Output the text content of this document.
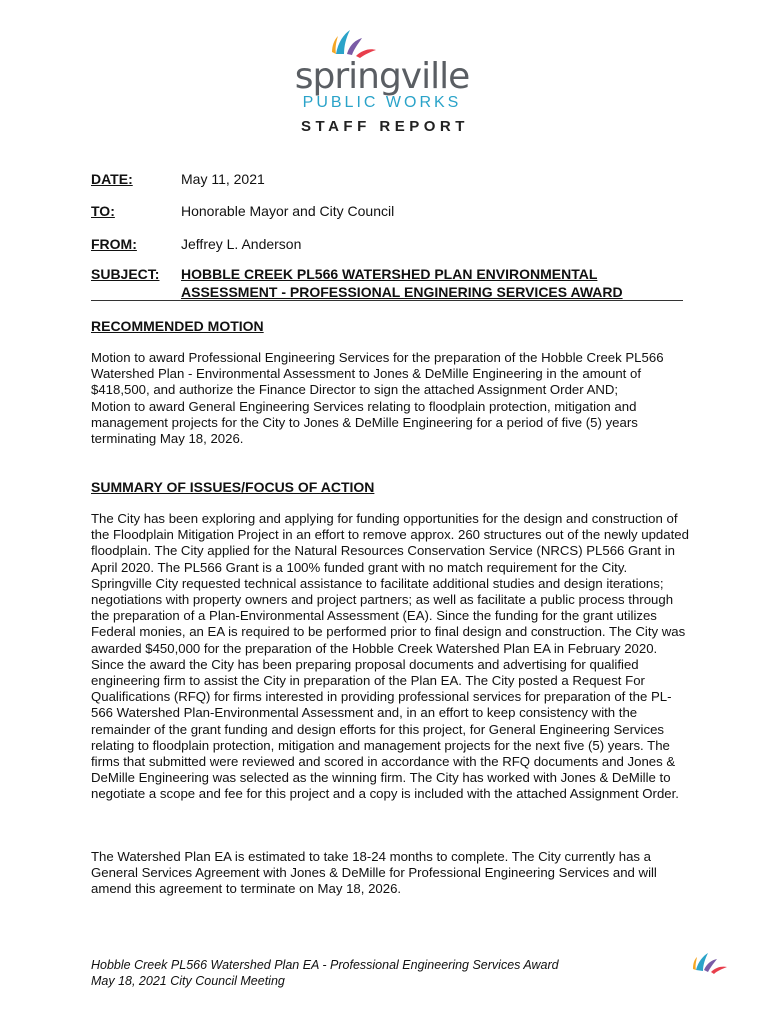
springville
PUBLIC WORKS
STAFF REPORT
DATE:	May 11, 2021
TO:	Honorable Mayor and City Council
FROM:	Jeffrey L. Anderson
SUBJECT: HOBBLE CREEK PL566 WATERSHED PLAN ENVIRONMENTAL
ASSESSMENT - PROFESSIONAL ENGINERING SERVICES AWARD
RECOMMENDED MOTION
Motion to award Professional Engineering Services for the preparation of the Hobble Creek PL566 Watershed Plan - Environmental Assessment to Jones & DeMille Engineering in the amount of $418,500, and authorize the Finance Director to sign the attached Assignment Order AND;
Motion to award General Engineering Services relating to floodplain protection, mitigation and management projects for the City to Jones & DeMille Engineering for a period of five (5) years terminating May 18, 2026.
SUMMARY OF ISSUES/FOCUS OF ACTION
The City has been exploring and applying for funding opportunities for the design and construction of the Floodplain Mitigation Project in an effort to remove approx. 260 structures out of the newly updated floodplain. The City applied for the Natural Resources Conservation Service (NRCS) PL566 Grant in April 2020. The PL566 Grant is a 100% funded grant with no match requirement for the City. Springville City requested technical assistance to facilitate additional studies and design iterations; negotiations with property owners and project partners; as well as facilitate a public process through the preparation of a Plan-Environmental Assessment (EA). Since the funding for the grant utilizes Federal monies, an EA is required to be performed prior to final design and construction. The City was awarded $450,000 for the preparation of the Hobble Creek Watershed Plan EA in February 2020. Since the award the City has been preparing proposal documents and advertising for qualified engineering firm to assist the City in preparation of the Plan EA. The City posted a Request For Qualifications (RFQ) for firms interested in providing professional services for preparation of the PL-566 Watershed Plan-Environmental Assessment and, in an effort to keep consistency with the remainder of the grant funding and design efforts for this project, for General Engineering Services relating to floodplain protection, mitigation and management projects for the next five (5) years. The firms that submitted were reviewed and scored in accordance with the RFQ documents and Jones & DeMille Engineering was selected as the winning firm. The City has worked with Jones & DeMille to negotiate a scope and fee for this project and a copy is included with the attached Assignment Order.
The Watershed Plan EA is estimated to take 18-24 months to complete. The City currently has a General Services Agreement with Jones & DeMille for Professional Engineering Services and will amend this agreement to terminate on May 18, 2026.
Hobble Creek PL566 Watershed Plan EA - Professional Engineering Services Award
May 18, 2021 City Council Meeting
